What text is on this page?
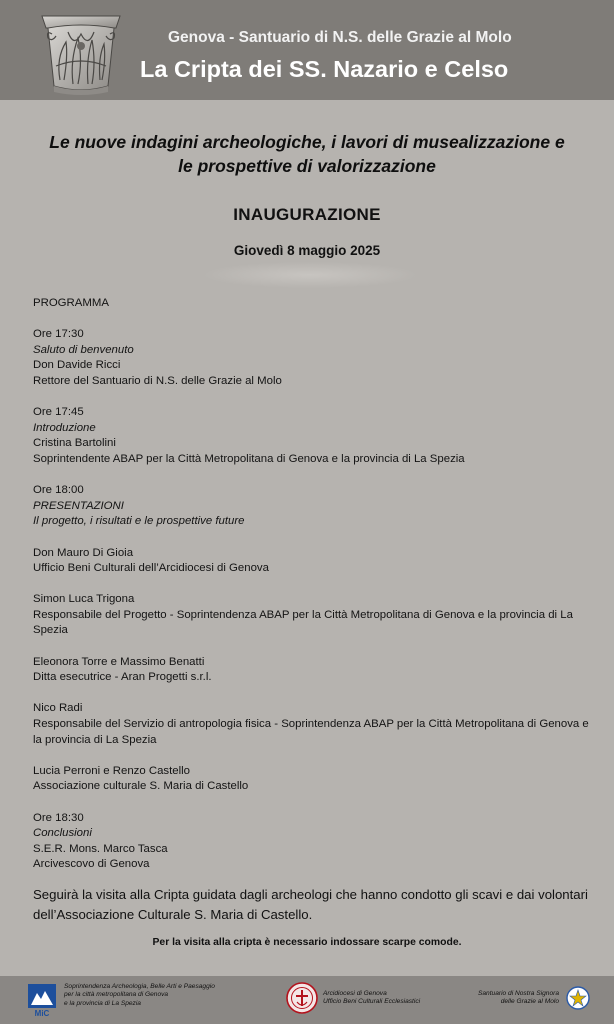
Genova - Santuario di N.S. delle Grazie al Molo
La Cripta dei SS. Nazario e Celso
Le nuove indagini archeologiche, i lavori di musealizzazione e
le prospettive di valorizzazione
INAUGURAZIONE
Giovedì 8 maggio 2025
PROGRAMMA
Ore 17:30
Saluto di benvenuto
Don Davide Ricci
Rettore del Santuario di N.S. delle Grazie al Molo
Ore 17:45
Introduzione
Cristina Bartolini
Soprintendente ABAP per la Città Metropolitana di Genova e la provincia di La Spezia
Ore 18:00
PRESENTAZIONI
Il progetto, i risultati e le prospettive future
Don Mauro Di Gioia
Ufficio Beni Culturali dell’Arcidiocesi di Genova
Simon Luca Trigona
Responsabile del Progetto - Soprintendenza ABAP per la Città Metropolitana di Genova e la provincia di La Spezia
Eleonora Torre e Massimo Benatti
Ditta esecutrice - Aran Progetti s.r.l.
Nico Radi
Responsabile del Servizio di antropologia fisica - Soprintendenza ABAP per la Città Metropolitana di Genova e la provincia di La Spezia
Lucia Perroni e Renzo Castello
Associazione culturale S. Maria di Castello
Ore 18:30
Conclusioni
S.E.R. Mons. Marco Tasca
Arcivescovo di Genova
Seguirà la visita alla Cripta guidata dagli archeologi che hanno condotto gli scavi e dai volontari dell’Associazione Culturale S. Maria di Castello.
Per la visita alla cripta è necessario indossare scarpe comode.
MiC
Soprintendenza Archeologia, Belle Arti e Paesaggio
per la città metropolitana di Genova
e la provincia di La Spezia
Arcidiocesi di Genova
Ufficio Beni Culturali Ecclesiastici
Santuario di Nostra Signora
delle Grazie al Molo
